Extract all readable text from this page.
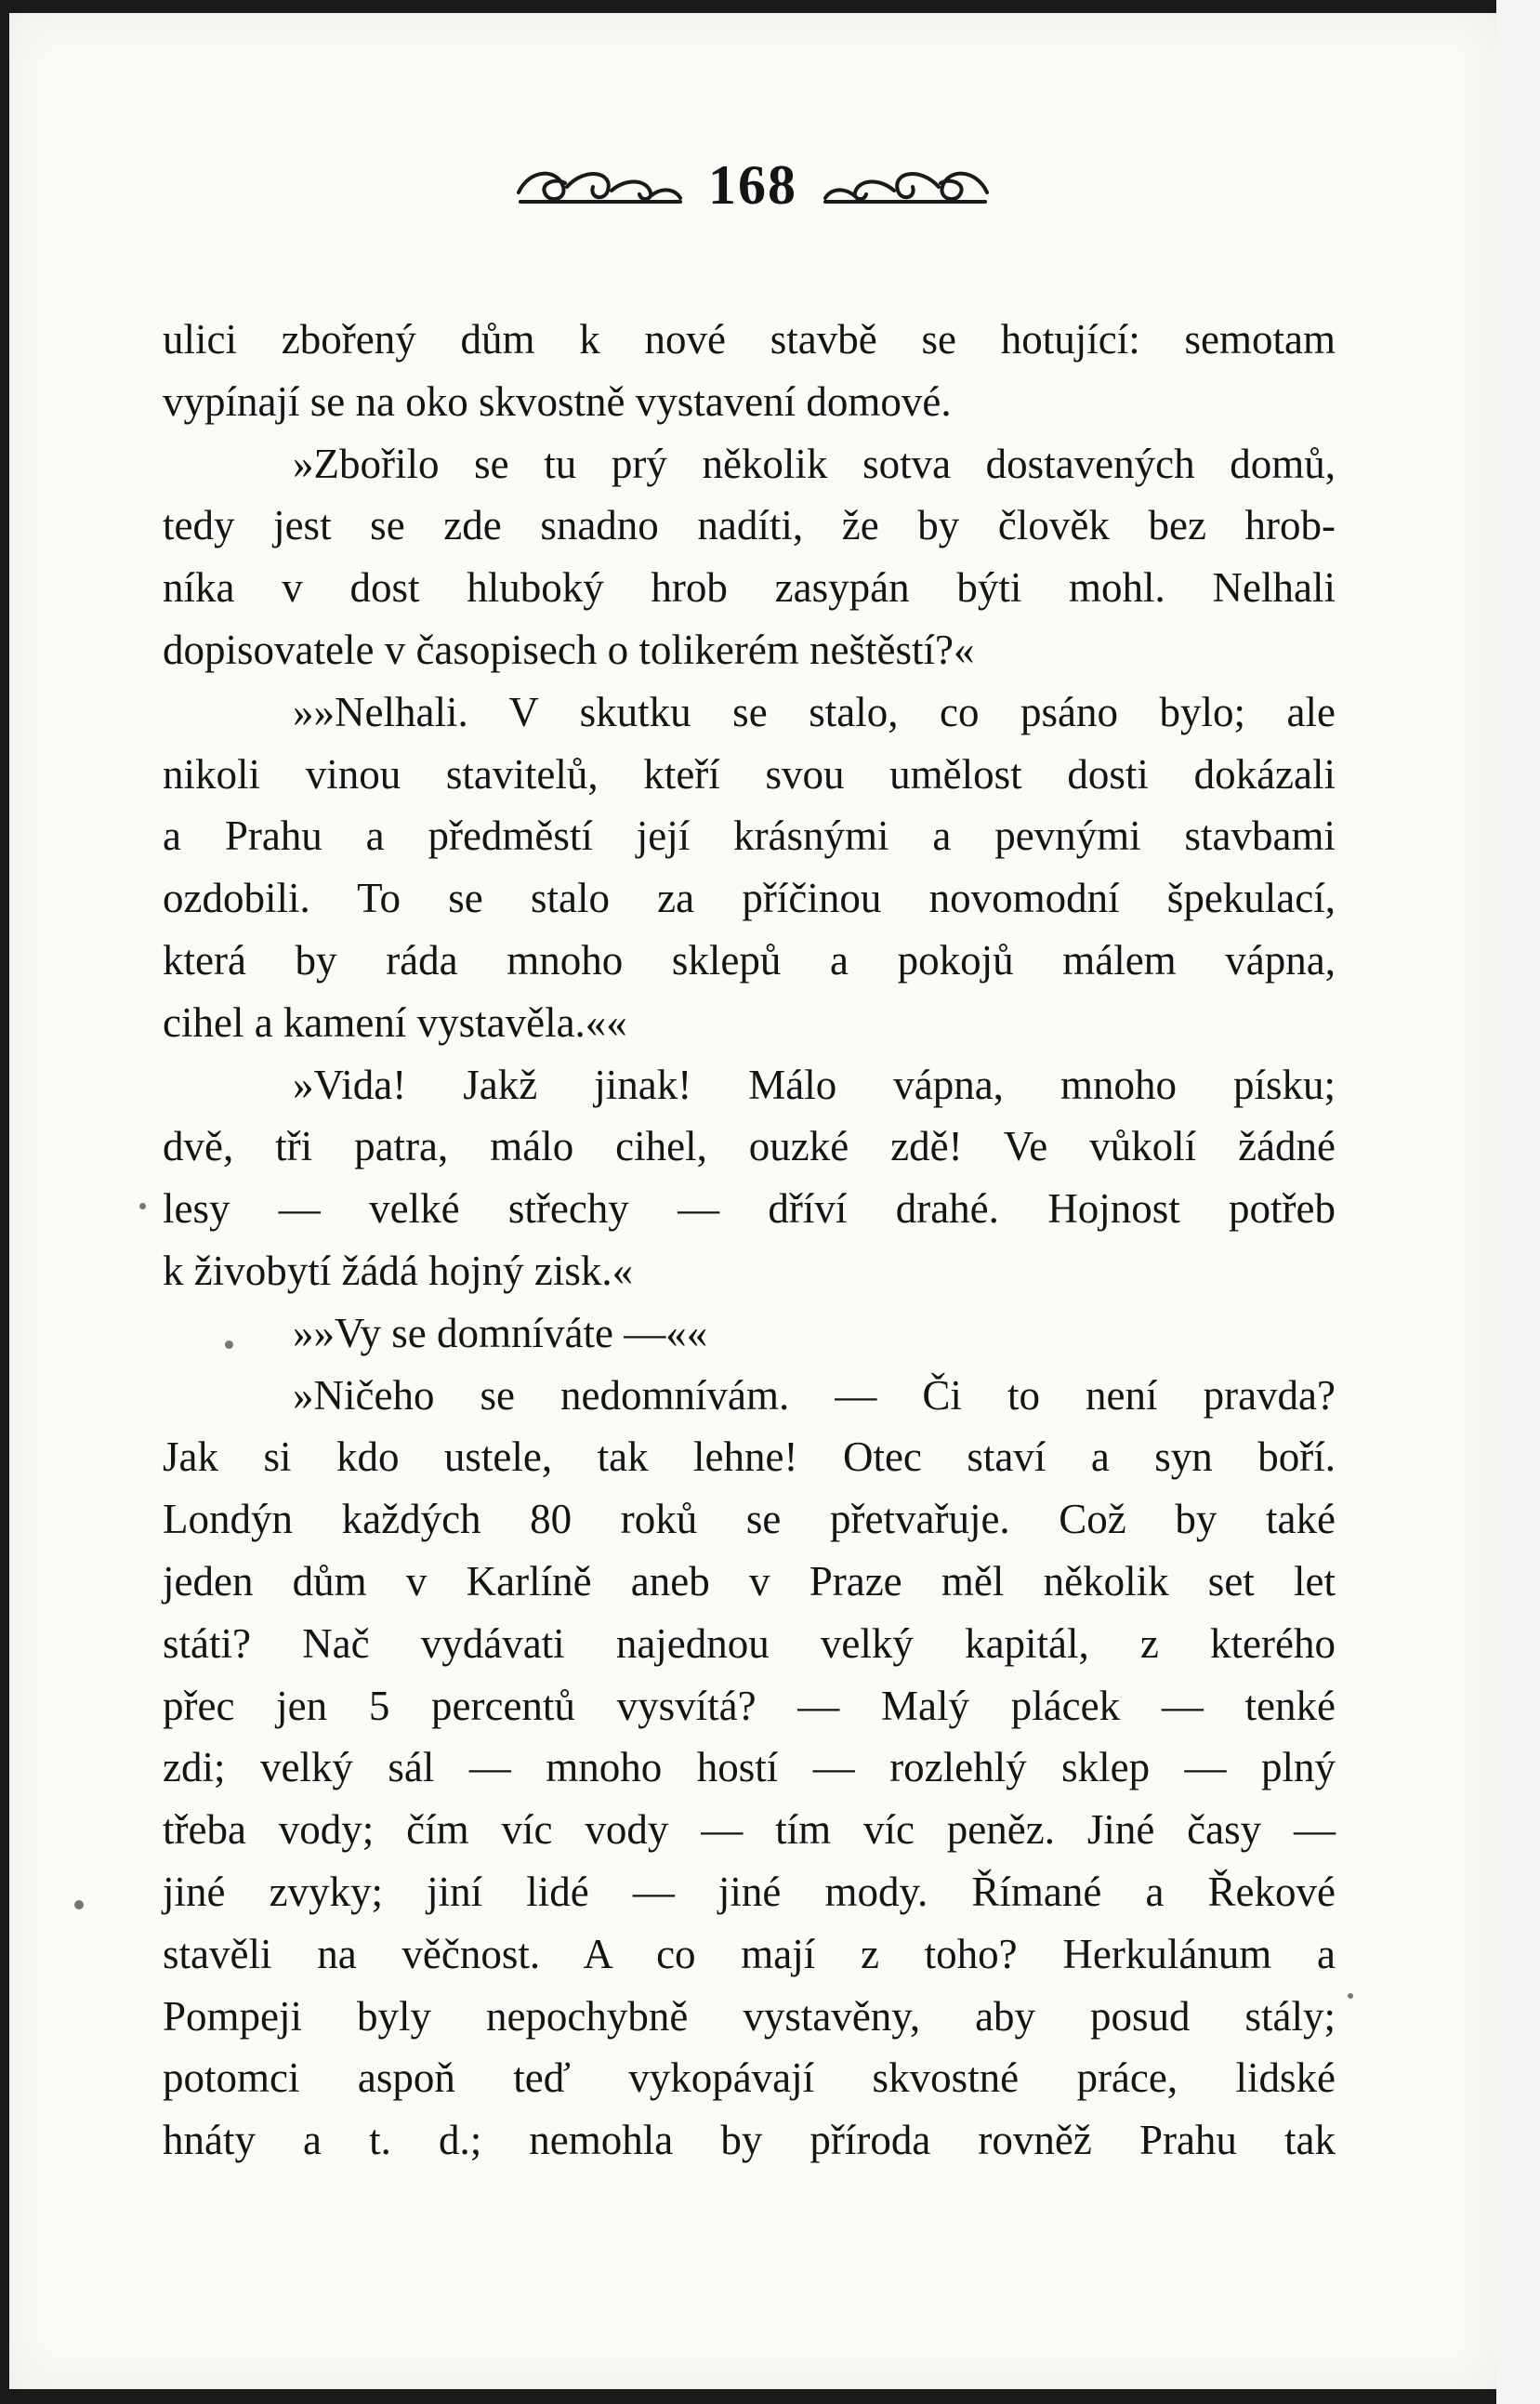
168
ulici zbořený dům k nové stavbě se hotující: semotam
vypínají se na oko skvostně vystavení domové.
»Zbořilo se tu prý několik sotva dostavených domů,
tedy jest se zde snadno nadíti, že by člověk bez hrob-
níka v dost hluboký hrob zasypán býti mohl. Nelhali
dopisovatele v časopisech o tolikerém neštěstí?«
»»Nelhali. V skutku se stalo, co psáno bylo; ale
nikoli vinou stavitelů, kteří svou umělost dosti dokázali
a Prahu a předměstí její krásnými a pevnými stavbami
ozdobili. To se stalo za příčinou novomodní špekulací,
která by ráda mnoho sklepů a pokojů málem vápna,
cihel a kamení vystavěla.««
»Vida! Jakž jinak! Málo vápna, mnoho písku;
dvě, tři patra, málo cihel, ouzké zdě! Ve vůkolí žádné
lesy — velké střechy — dříví drahé. Hojnost potřeb
k živobytí žádá hojný zisk.«
»»Vy se domníváte —««
»Ničeho se nedomnívám. — Či to není pravda?
Jak si kdo ustele, tak lehne! Otec staví a syn boří.
Londýn každých 80 roků se přetvařuje. Což by také
jeden dům v Karlíně aneb v Praze měl několik set let
státi? Nač vydávati najednou velký kapitál, z kterého
přec jen 5 percentů vysvítá? — Malý plácek — tenké
zdi; velký sál — mnoho hostí — rozlehlý sklep — plný
třeba vody; čím víc vody — tím víc peněz. Jiné časy —
jiné zvyky; jiní lidé — jiné mody. Římané a Řekové
stavěli na věčnost. A co mají z toho? Herkulánum a
Pompeji byly nepochybně vystavěny, aby posud stály;
potomci aspoň teď vykopávají skvostné práce, lidské
hnáty a t. d.; nemohla by příroda rovněž Prahu tak
